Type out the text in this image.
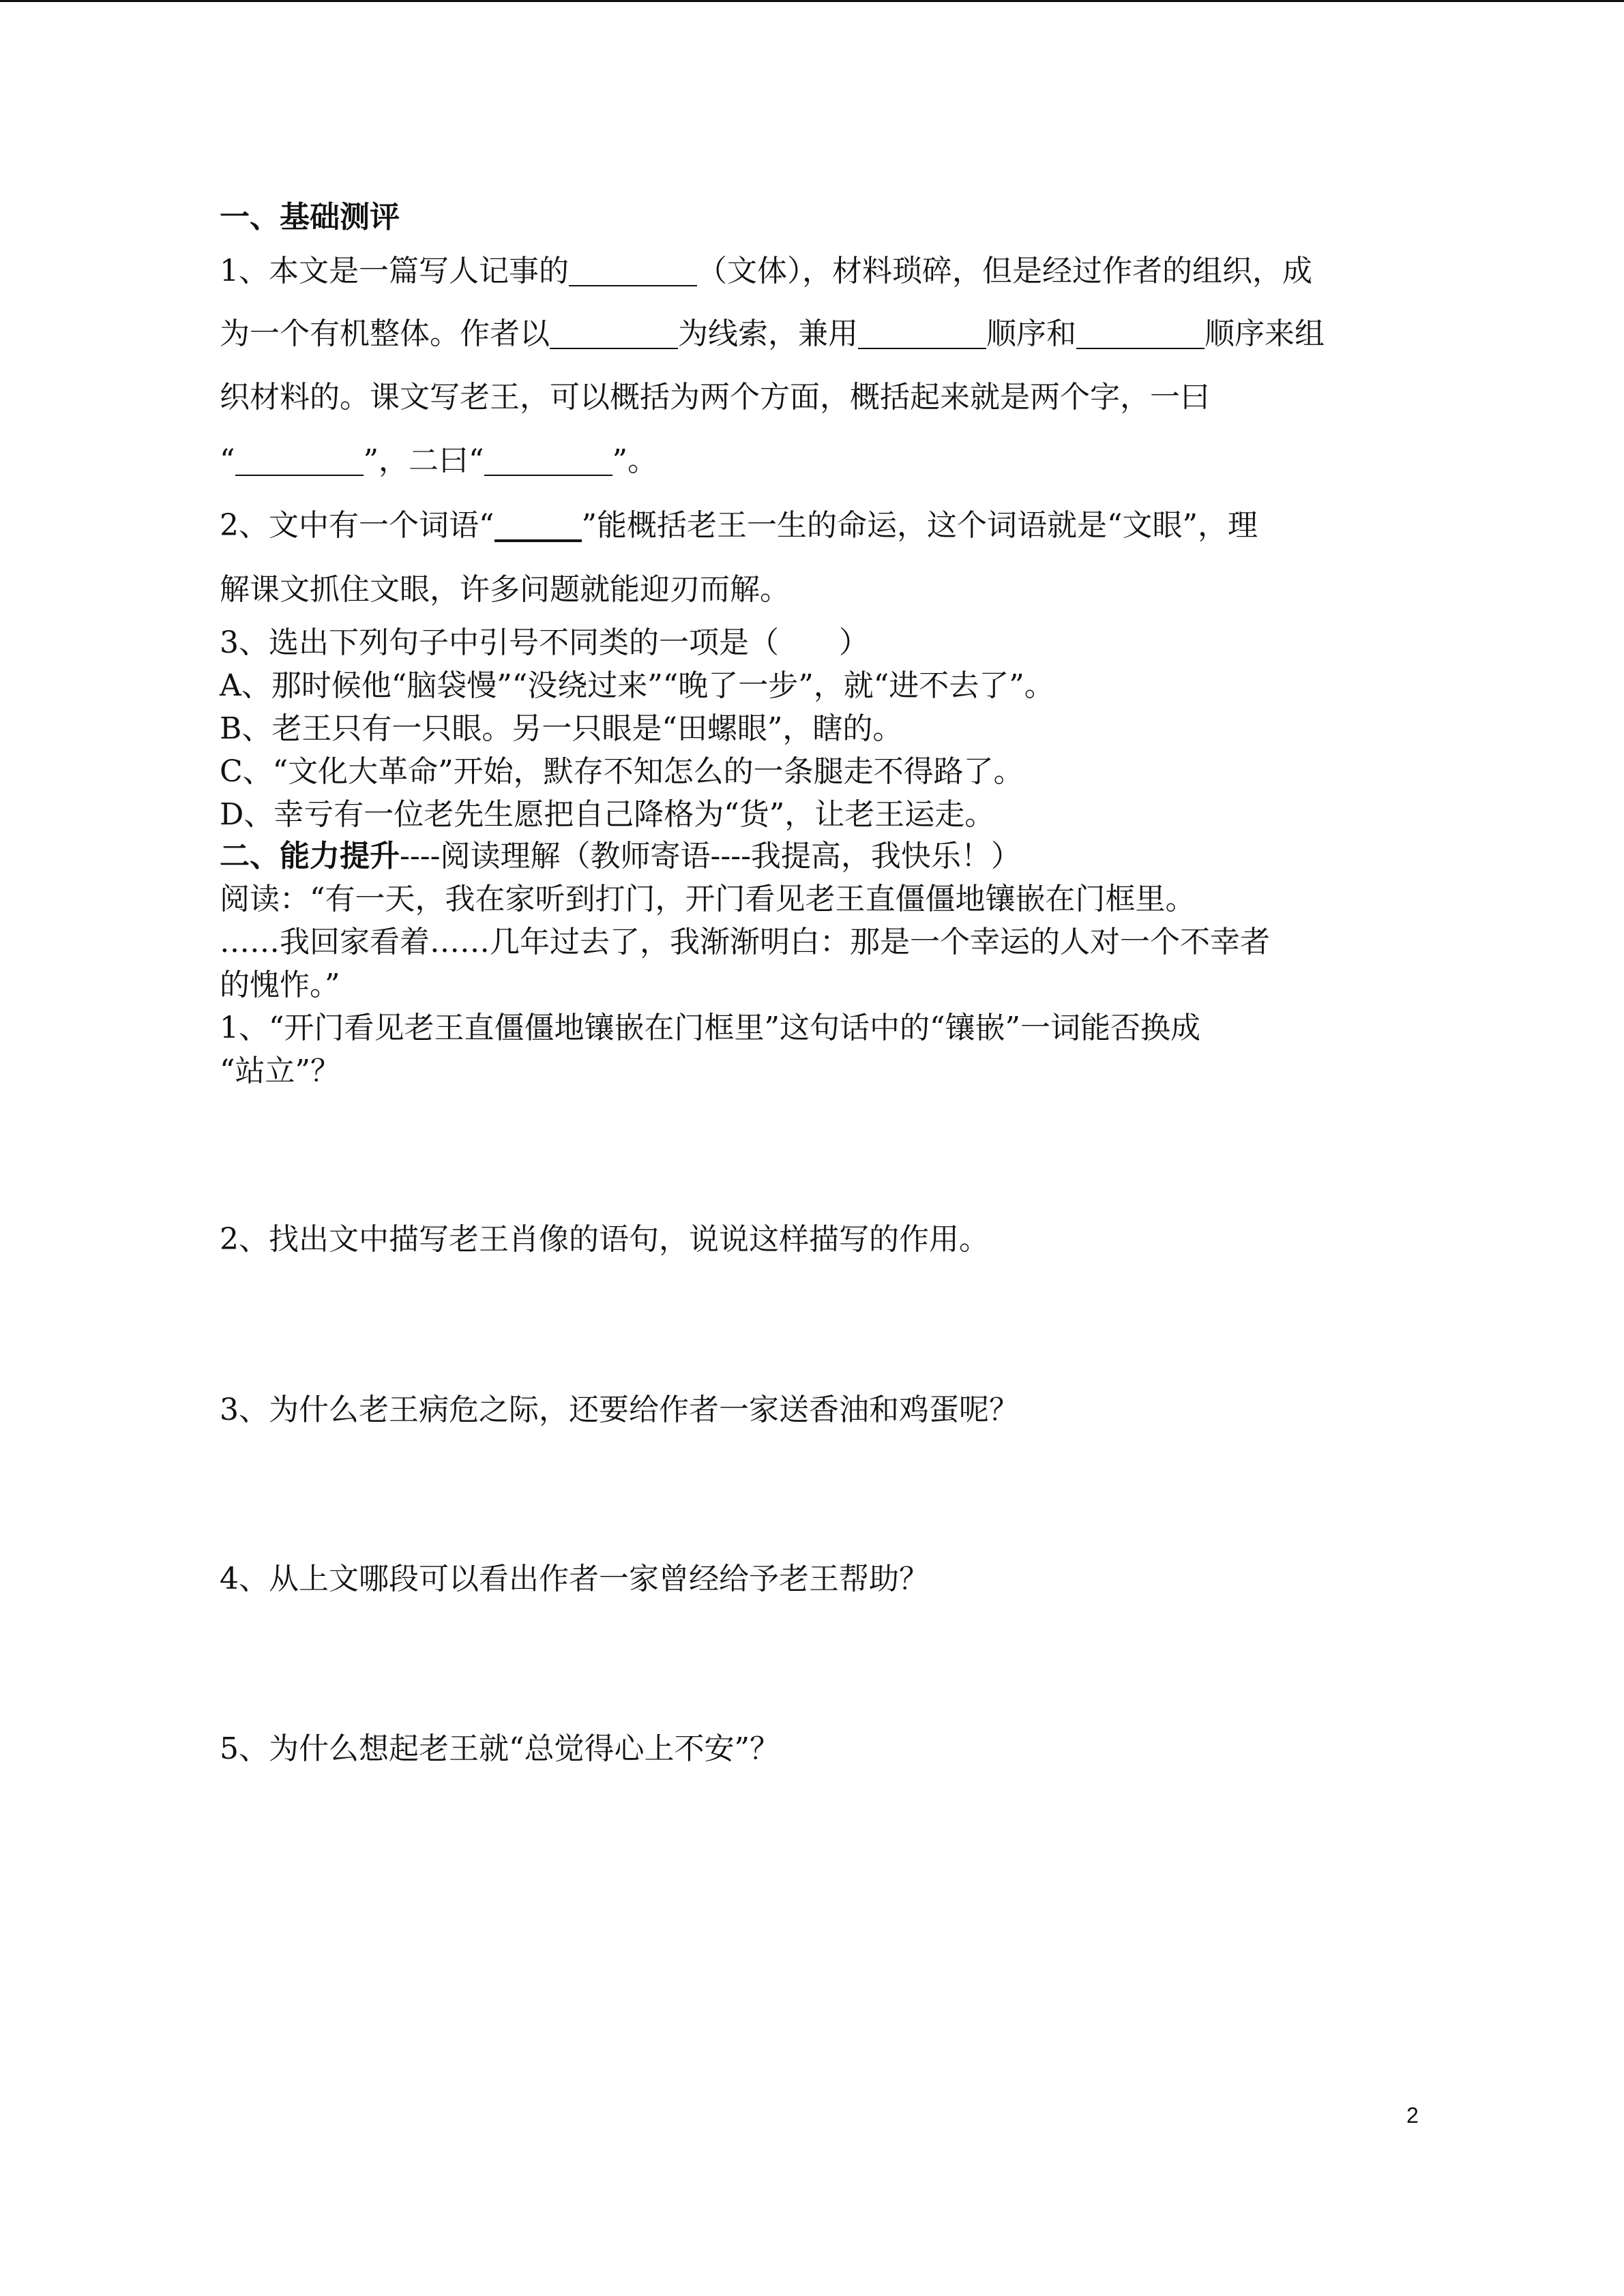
一、基础测评
1、本文是一篇写人记事的	（文体），材料琐碎，但是经过作者的组织，成
为一个有机整体。作者以	为线索，兼用	顺序和	顺序来组
织材料的。课文写老王，可以概括为两个方面，概括起来就是两个字，一曰
“	”，二曰“	”。
2、文中有一个词语“	”能概括老王一生的命运，这个词语就是“文眼”，理
解课文抓住文眼，许多问题就能迎刃而解。
3、选出下列句子中引号不同类的一项是（　　）
A、那时候他“脑袋慢”“没绕过来”“晚了一步”，就“进不去了”。
B、老王只有一只眼。另一只眼是“田螺眼”，瞎的。
C、“文化大革命”开始，默存不知怎么的一条腿走不得路了。
D、幸亏有一位老先生愿把自己降格为“货”，让老王运走。
二、能力提升----阅读理解（教师寄语----我提高，我快乐！）
阅读：“有一天，我在家听到打门，开门看见老王直僵僵地镶嵌在门框里。
……我回家看着……几年过去了，我渐渐明白：那是一个幸运的人对一个不幸者
的愧怍。”
1、“开门看见老王直僵僵地镶嵌在门框里”这句话中的“镶嵌”一词能否换成
“站立”？
2、找出文中描写老王肖像的语句，说说这样描写的作用。
3、为什么老王病危之际，还要给作者一家送香油和鸡蛋呢？
4、从上文哪段可以看出作者一家曾经给予老王帮助？
5、为什么想起老王就“总觉得心上不安”？
2
